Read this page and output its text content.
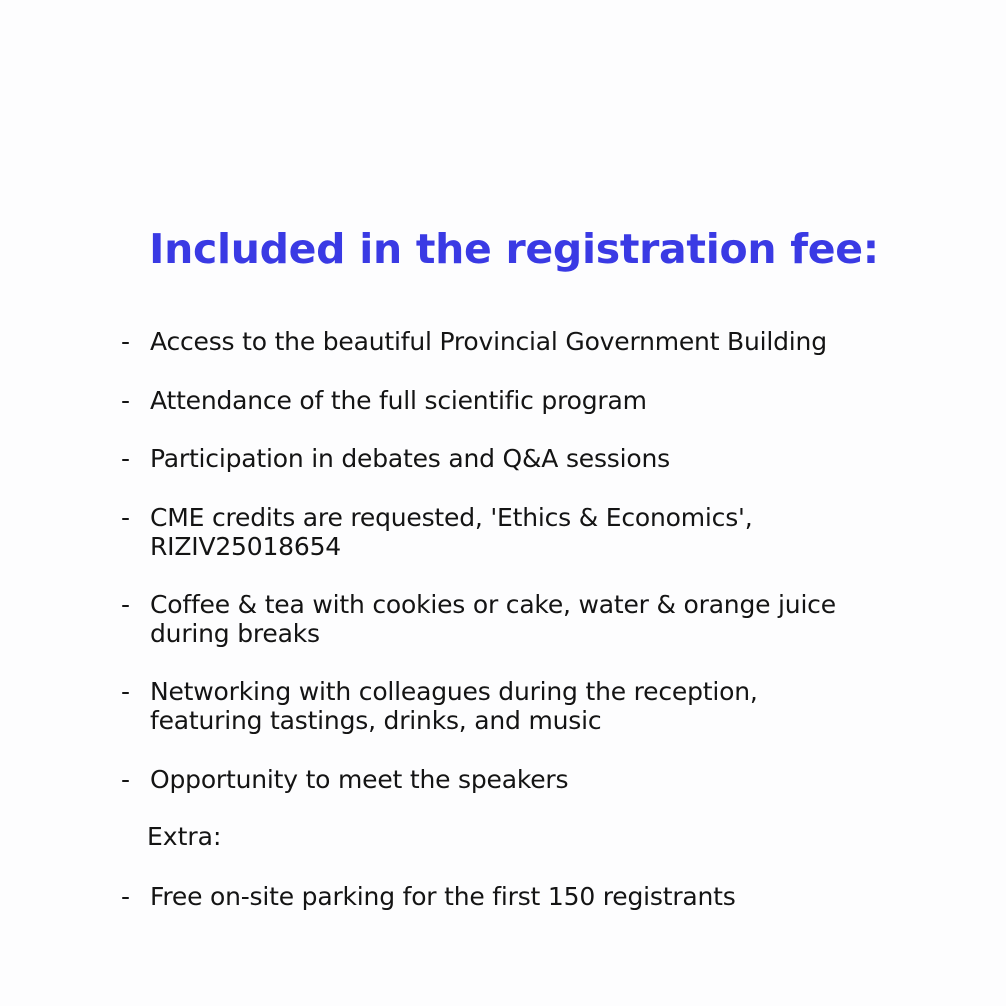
Included in the registration fee:
- Access to the beautiful Provincial Government Building
- Attendance of the full scientific program
- Participation in debates and Q&A sessions
- CME credits are requested, 'Ethics & Economics',
RIZIV25018654
- Coffee & tea with cookies or cake, water & orange juice
during breaks
- Networking with colleagues during the reception,
featuring tastings, drinks, and music
- Opportunity to meet the speakers
Extra:
- Free on-site parking for the first 150 registrants
